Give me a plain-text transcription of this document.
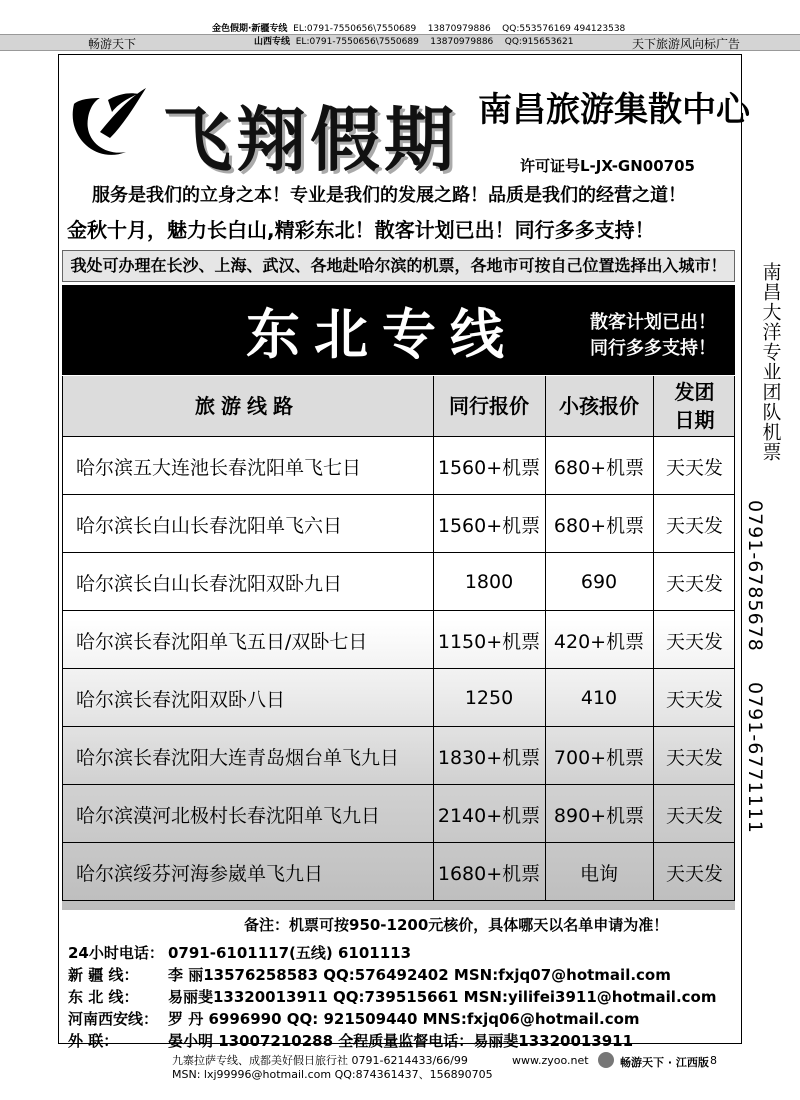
畅游天下	天下旅游风向标广告
金色假期·新疆专线 EL:0791-7550656\7550689 13870979886 QQ:553576169 494123538
山西专线 EL:0791-7550656\7550689 13870979886 QQ:915653621
飞翔假期 南昌旅游集散中心
许可证号L-JX-GN00705
服务是我们的立身之本！专业是我们的发展之路！品质是我们的经营之道！
金秋十月，魅力长白山,精彩东北！散客计划已出！同行多多支持！
我处可办理在长沙、上海、武汉、各地赴哈尔滨的机票，各地市可按自己位置选择出入城市！
东北专线	散客计划已出！
同行多多支持！	南昌大洋专业团队机票
0791-6785678
0791-6771111
旅游线路	同行报价	小孩报价
发团
日期
哈尔滨五大连池长春沈阳单飞七日	1560+机票 680+机票	天天发
哈尔滨长白山长春沈阳单飞六日	1560+机票 680+机票	天天发
哈尔滨长白山长春沈阳双卧九日	1800	690	天天发
哈尔滨长春沈阳单飞五日/双卧七日	1150+机票 420+机票	天天发
哈尔滨长春沈阳双卧八日	1250	410	天天发
哈尔滨长春沈阳大连青岛烟台单飞九日	1830+机票 700+机票	天天发
哈尔滨漠河北极村长春沈阳单飞九日	2140+机票 890+机票	天天发
哈尔滨绥芬河海参崴单飞九日	1680+机票	电询	天天发
备注：机票可按950-1200元核价，具体哪天以名单申请为准！
24小时电话： 0791-6101117(五线) 6101113
新 疆 线： 李 丽13576258583 QQ:576492402 MSN:fxjq07@hotmail.com
东 北 线： 易丽斐13320013911 QQ:739515661 MSN:yilifei3911@hotmail.com
河南西安线： 罗 丹 6996990 QQ: 921509440 MNS:fxjq06@hotmail.com
外 联：	晏小明 13007210288 全程质量监督电话：易丽斐13320013911
九寨拉萨专线、成都美好假日旅行社 0791-6214433/66/99
MSN: lxj99996@hotmail.com QQ:874361437、156890705
www.zyoo.net	畅游天下 · 江西版 8
